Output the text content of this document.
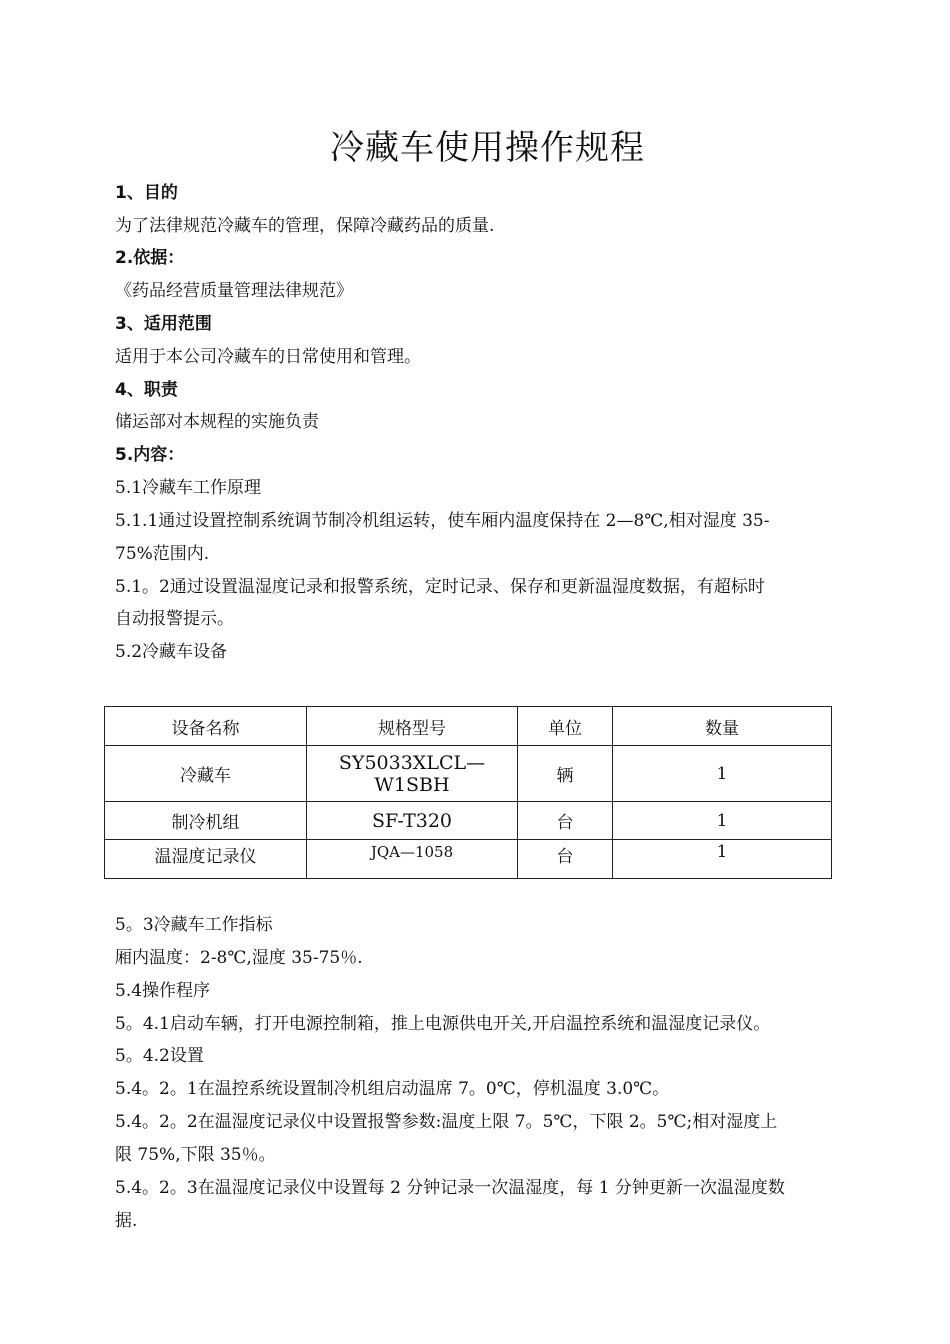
冷藏车使用操作规程
1、目的
为了法律规范冷藏车的管理，保障冷藏药品的质量.
2.依据：
《药品经营质量管理法律规范》
3、适用范围
适用于本公司冷藏车的日常使用和管理。
4、职责
储运部对本规程的实施负责
5.内容：
5.1冷藏车工作原理
5.1.1通过设置控制系统调节制冷机组运转，使车厢内温度保持在 2—8℃,相对湿度 35-
75%范围内.
5.1。2通过设置温湿度记录和报警系统，定时记录、保存和更新温湿度数据，有超标时
自动报警提示。
5.2冷藏车设备
设备名称	规格型号	单位	数量
冷藏车	SY5033XLCL—
W1SBH	辆	1
制冷机组	SF-T320	台	1
温湿度记录仪	JQA—1058	台	1
5。3冷藏车工作指标
厢内温度：2-8℃,湿度 35-75％.
5.4操作程序
5。4.1启动车辆，打开电源控制箱，推上电源供电开关,开启温控系统和温湿度记录仪。
5。4.2设置
5.4。2。1在温控系统设置制冷机组启动温席 7。0℃，停机温度 3.0℃。
5.4。2。2在温湿度记录仪中设置报警参数:温度上限 7。5℃，下限 2。5℃;相对湿度上
限 75%,下限 35％。
5.4。2。3在温湿度记录仪中设置每 2 分钟记录一次温湿度，每 1 分钟更新一次温湿度数
据.
